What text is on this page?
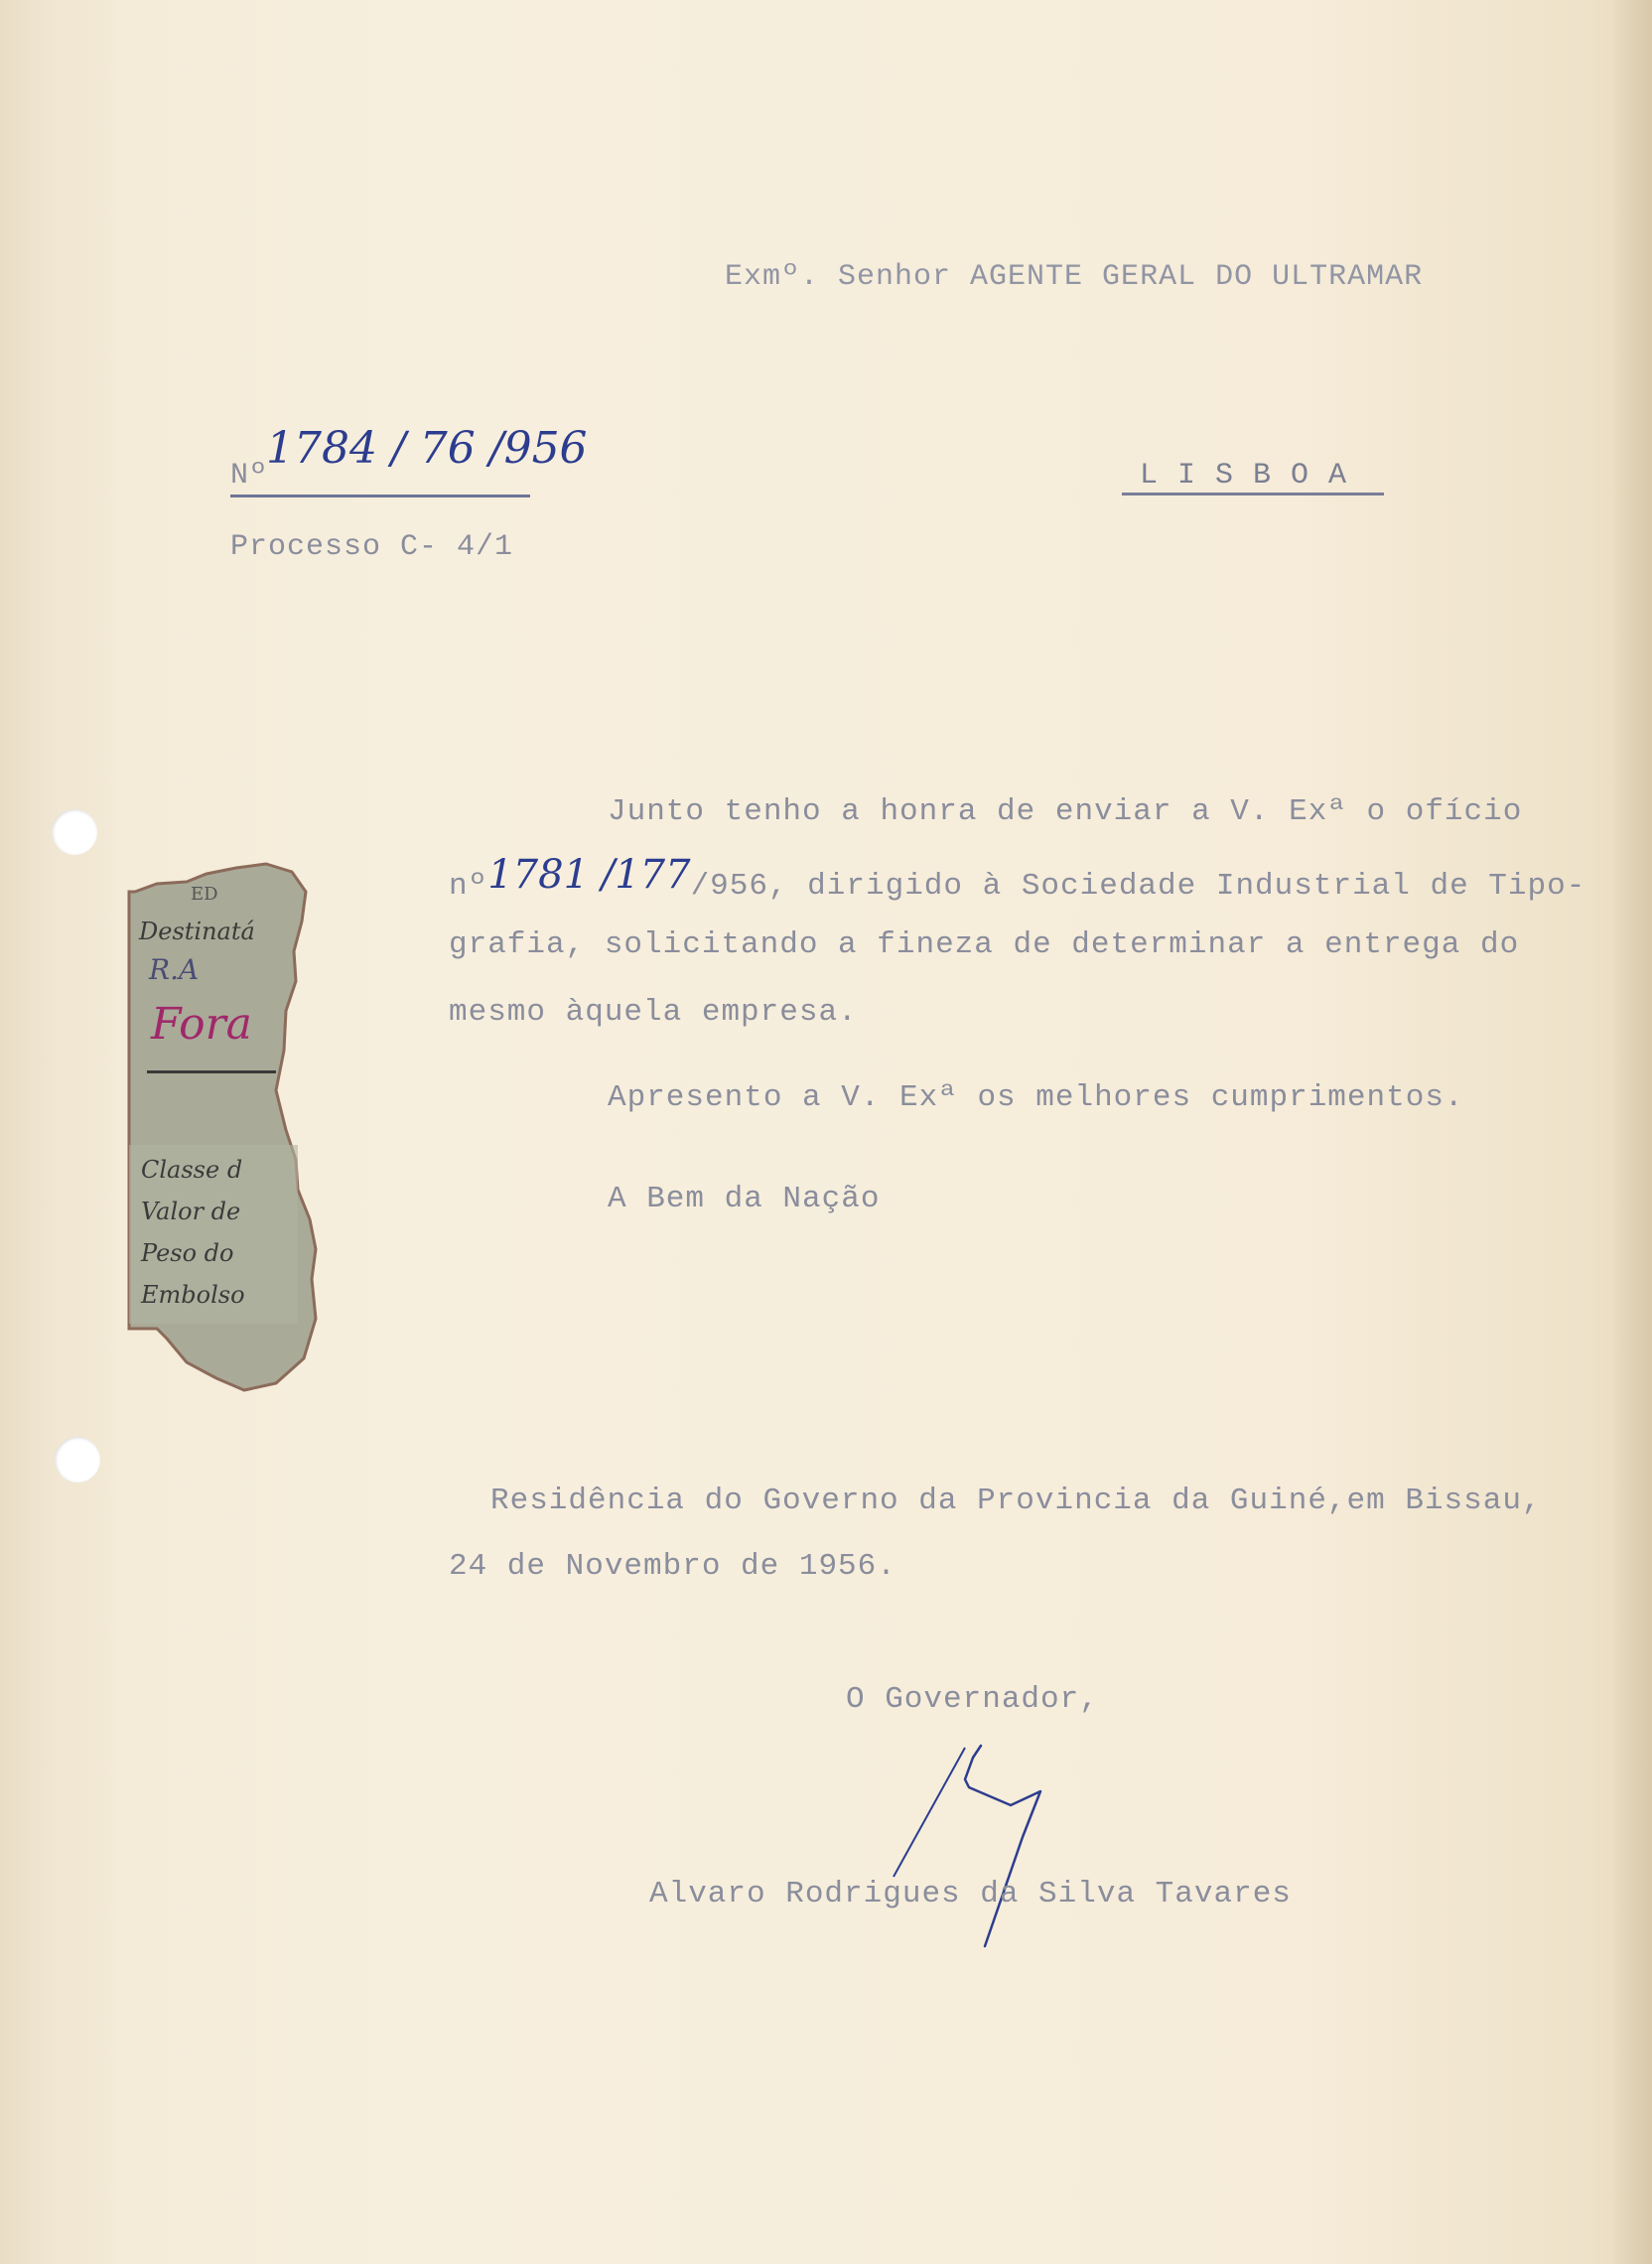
Exmº. Senhor AGENTE GERAL DO ULTRAMAR
Nº
1784 / 76 /956
Processo C- 4/1
L I S B O A
Junto tenho a honra de enviar a V. Exª o ofício
nº1781 /177/956, dirigido à Sociedade Industrial de Tipo-
grafia, solicitando a fineza de determinar a entrega do
mesmo àquela empresa.
Apresento a V. Exª os melhores cumprimentos.
A Bem da Nação
Residência do Governo da Provincia da Guiné,em Bissau,
24 de Novembro de 1956.
O Governador,
Alvaro Rodrigues da Silva Tavares
ED
Destinatá
R.A
Fora
Classe d
Valor de
Peso do
Embolso
